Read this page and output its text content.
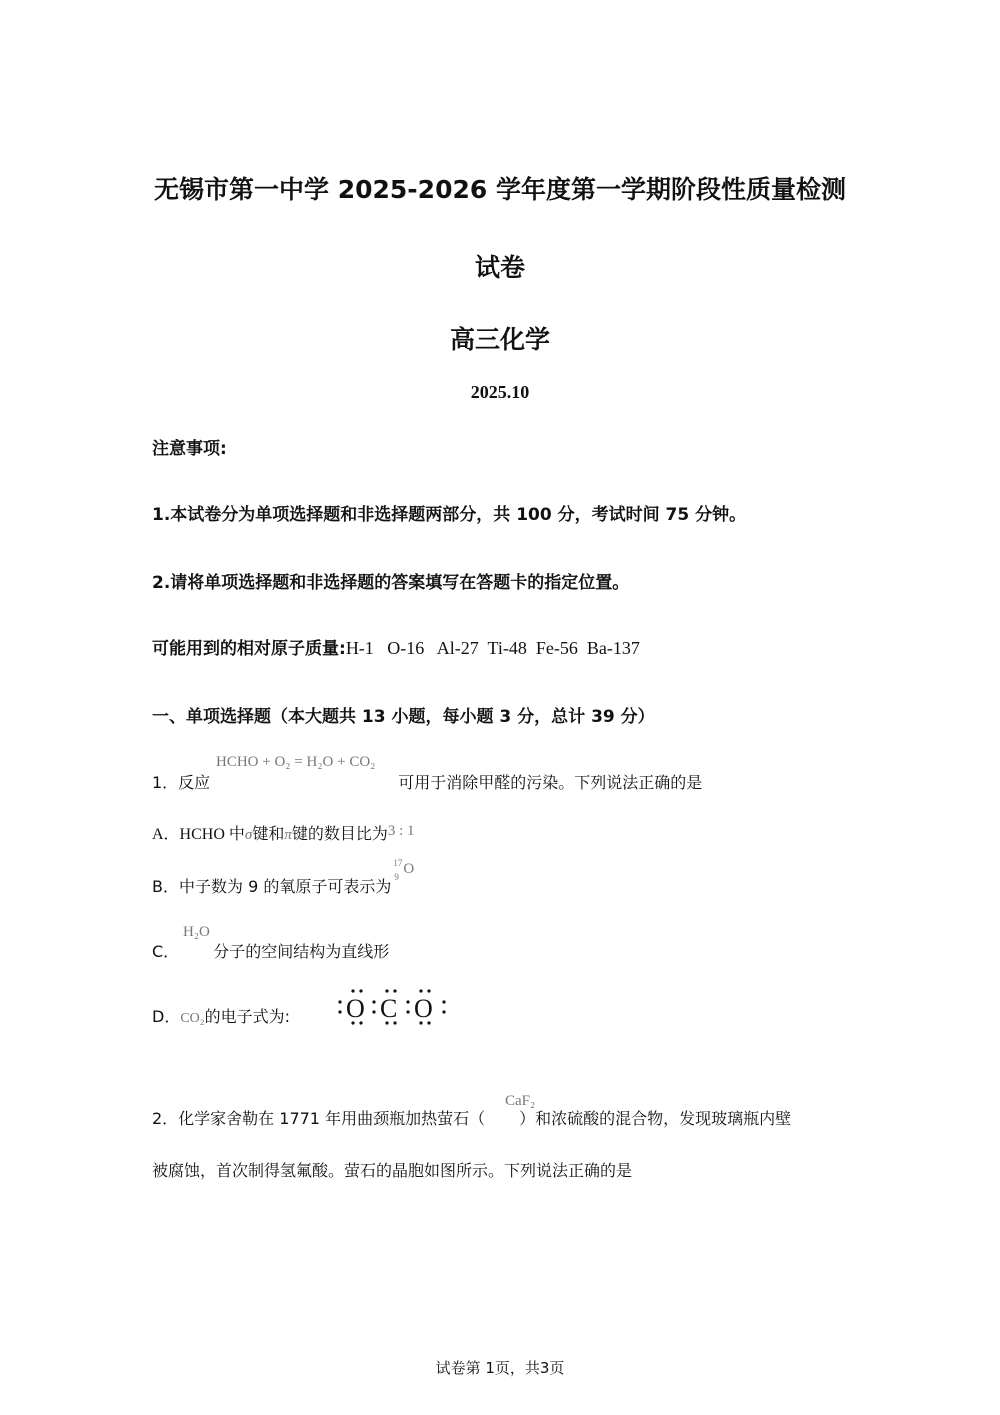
无锡市第一中学 2025-2026 学年度第一学期阶段性质量检测
试卷
高三化学
2025.10
注意事项:
1.本试卷分为单项选择题和非选择题两部分，共 100 分，考试时间 75 分钟。
2.请将单项选择题和非选择题的答案填写在答题卡的指定位置。
可能用到的相对原子质量:H-1   O-16   Al-27  Ti-48  Fe-56  Ba-137
一、单项选择题（本大题共 13 小题，每小题 3 分，总计 39 分）
HCHO + O₂ = H₂O + CO₂
1．反应	可用于消除甲醛的污染。下列说法正确的是
A．HCHO 中σ键和π键的数目比为3 : 1
B．中子数为 9 的氧原子可表示为
17
9 O
H₂O
C． 分子的空间结构为直线形
D．CO₂的电子式为: O C O
CaF₂
2．化学家舍勒在 1771 年用曲颈瓶加热萤石（ ）和浓硫酸的混合物，发现玻璃瓶内壁
被腐蚀，首次制得氢氟酸。萤石的晶胞如图所示。下列说法正确的是
试卷第 1页，共3页
